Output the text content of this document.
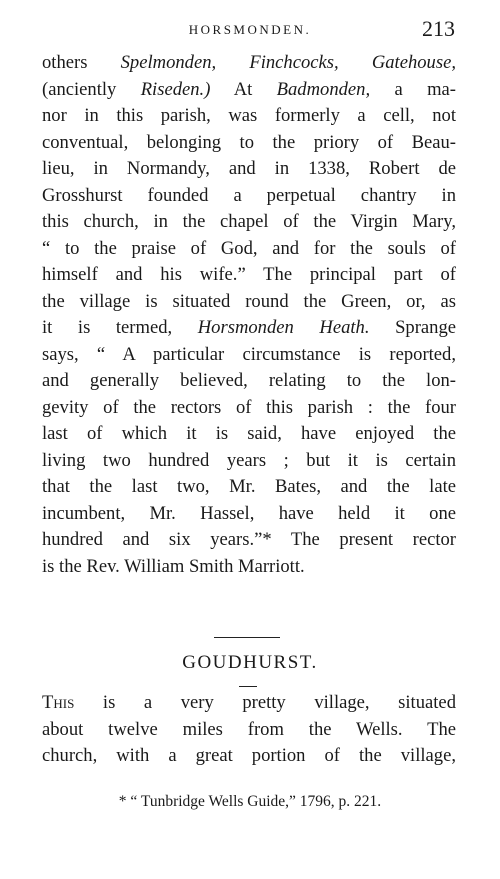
HORSMONDEN.	213
others Spelmonden, Finchcocks, Gatehouse,
(anciently Riseden.) At Badmonden, a ma-
nor in this parish, was formerly a cell, not
conventual, belonging to the priory of Beau-
lieu, in Normandy, and in 1338, Robert de
Grosshurst founded a perpetual chantry in
this church, in the chapel of the Virgin Mary,
“ to the praise of God, and for the souls of
himself and his wife.” The principal part of
the village is situated round the Green, or, as
it is termed, Horsmonden Heath. Sprange
says, “ A particular circumstance is reported,
and generally believed, relating to the lon-
gevity of the rectors of this parish : the four
last of which it is said, have enjoyed the
living two hundred years ; but it is certain
that the last two, Mr. Bates, and the late
incumbent, Mr. Hassel, have held it one
hundred and six years.”* The present rector
is the Rev. William Smith Marriott.
GOUDHURST.
This is a very pretty village, situated
about twelve miles from the Wells. The
church, with a great portion of the village,
* “ Tunbridge Wells Guide,” 1796, p. 221.
